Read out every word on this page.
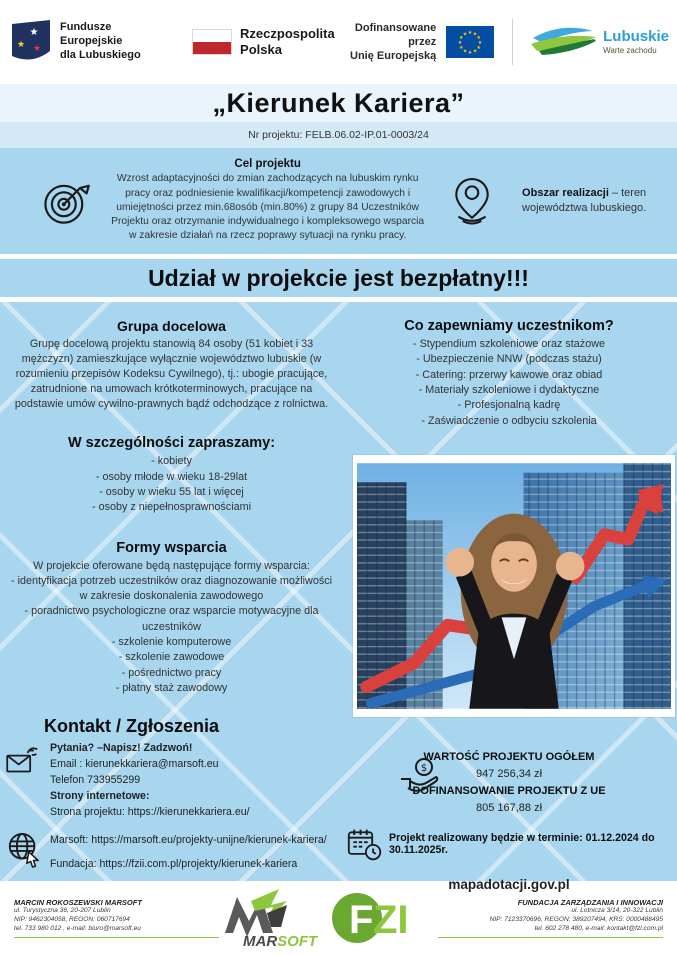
★
★ ★
Fundusze Europejskie
dla Lubuskiego
Rzeczpospolita
Polska
Dofinansowane przez
Unię Europejską
★ ★
★
★
★
★
★
★
★
★
★
★	Lubuskie
Warte zachodu
„Kierunek Kariera”
Nr projektu: FELB.06.02-IP.01-0003/24
Cel projektu
Wzrost adaptacyjności do zmian zachodzących na lubuskim rynku pracy oraz podniesienie kwalifikacji/kompetencji zawodowych i umiejętności przez min.68osób (min.80%) z grupy 84 Uczestników Projektu oraz otrzymanie indywidualnego i kompleksowego wsparcia w zakresie działań na rzecz poprawy sytuacji na rynku pracy.
Obszar realizacji – teren województwa lubuskiego.
Udział w projekcie jest bezpłatny!!!
Grupa docelowa
Grupę docelową projektu stanowią 84 osoby (51 kobiet i 33 mężczyzn) zamieszkujące wyłącznie województwo lubuskie (w rozumieniu przepisów Kodeksu Cywilnego), tj.: ubogie pracujące, zatrudnione na umowach krótkoterminowych, pracujące na podstawie umów cywilno-prawnych bądź odchodzące z rolnictwa.
W szczególności zapraszamy:
- kobiety
- osoby młode w wieku 18-29lat
- osoby w wieku 55 lat i więcej
- osoby z niepełnosprawnościami
Formy wsparcia
W projekcie oferowane będą następujące formy wsparcia:
- identyfikacja potrzeb uczestników oraz diagnozowanie możliwości w zakresie doskonalenia zawodowego
- poradnictwo psychologiczne oraz wsparcie motywacyjne dla uczestników
- szkolenie komputerowe
- szkolenie zawodowe
- pośrednictwo pracy
- płatny staż zawodowy
Kontakt / Zgłoszenia
Pytania? –Napisz! Zadzwoń!
Email : kierunekkariera@marsoft.eu
Telefon 733955299
Strony internetowe:
Strona projektu: https://kierunekkariera.eu/
Marsoft: https://marsoft.eu/projekty-unijne/kierunek-kariera/
Fundacja: https://fzii.com.pl/projekty/kierunek-kariera
Co zapewniamy uczestnikom?
- Stypendium szkoleniowe oraz stażowe
- Ubezpieczenie NNW (podczas stażu)
- Catering: przerwy kawowe oraz obiad
- Materiały szkoleniowe i dydaktyczne
- Profesjonalną kadrę
- Zaświadczenie o odbyciu szkolenia
$
WARTOŚĆ PROJEKTU OGÓŁEM
947 256,34 zł
DOFINANSOWANIE PROJEKTU Z UE
805 167,88 zł
Projekt realizowany będzie w terminie: 01.12.2024 do 30.11.2025r.
mapadotacji.gov.pl
MARCIN ROKOSZEWSKI MARSOFT
ul. Turystyczna 36, 20-207 Lublin
NIP: 9462304058, REGON: 060717694
tel. 733 980 012 , e-mail: biuro@marsoft.eu
MARSOFT F ZI	FUNDACJA ZARZĄDZANIA I INNOWACJI
ul. Lotnicza 3/14, 20-322 Lublin
NIP: 7123370696, REGON: 389207494, KRS: 0000488495
tel. 602 278 480, e-mail: kontakt@fzi.com.pl
